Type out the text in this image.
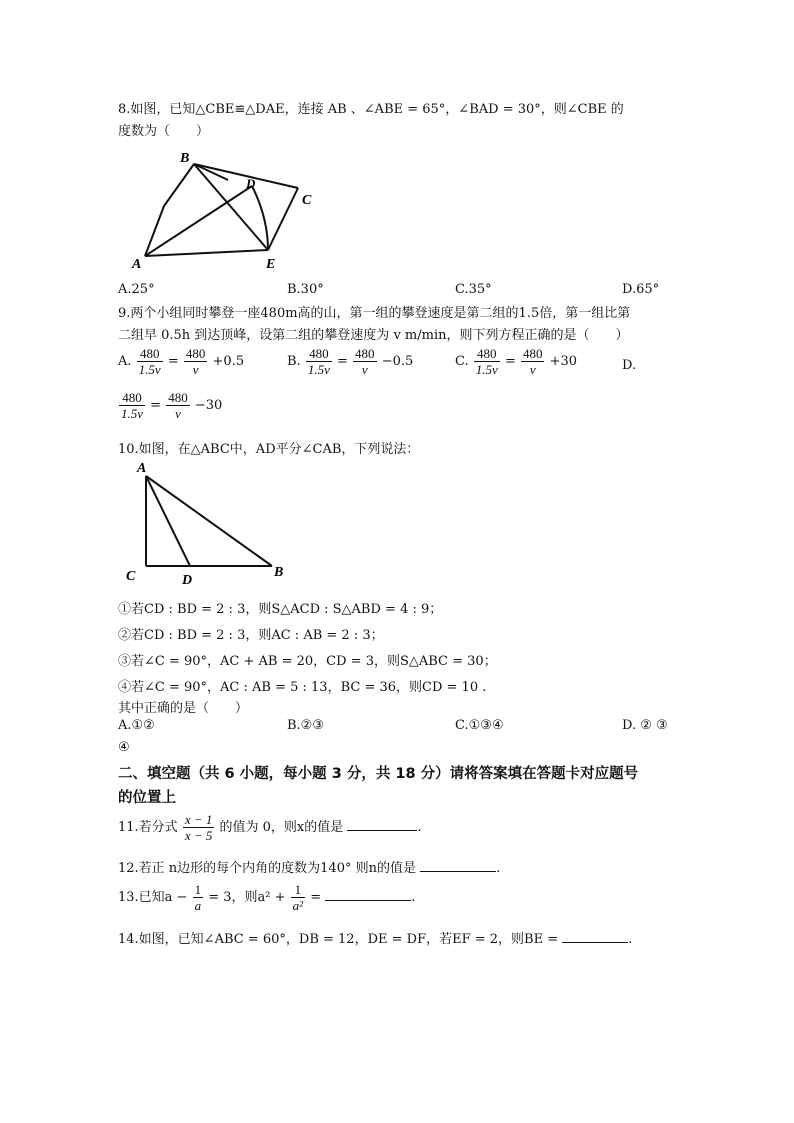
8.如图，已知△CBE≌△DAE，连接 AB 、∠ABE = 65°，∠BAD = 30°，则∠CBE 的
度数为（　　）
B
D
C
A	E
A.25°	B.30°	C.35°	D.65°
9.两个小组同时攀登一座480m高的山，第一组的攀登速度是第二组的1.5倍，第一组比第
二组早 0.5h 到达顶峰，设第二组的攀登速度为 v m/min，则下列方程正确的是（　　）
A. $\frac{480}{1.5v} = \frac{480}{v} +0.5$	B. $\frac{480}{1.5v} = \frac{480}{v} -0.5$	C. $\frac{480}{1.5v} = \frac{480}{v} +30$	D.
$\frac{480}{1.5v} = \frac{480}{v} -30$
10.如图，在△ABC中，AD平分∠CAB，下列说法：
A
C	D
B
①若CD : BD = 2 : 3，则S△ACD : S△ABD = 4 : 9；
②若CD : BD = 2 : 3，则AC : AB = 2 : 3；
③若∠C = 90°，AC + AB = 20，CD = 3，则S△ABC = 30；
④若∠C = 90°，AC : AB = 5 : 13，BC = 36，则CD = 10 .
其中正确的是（　　）
A.①②	B.②③	C.①③④	D. ② ③
④
二、填空题（共 6 小题，每小题 3 分，共 18 分）请将答案填在答题卡对应题号
的位置上
11.若分式 $\frac{x - 1}{x - 5}$ 的值为 0，则x的值是	.
12.若正 n边形的每个内角的度数为140° 则n的值是	.
13.已知$a - \frac{1}{a} = 3$，则$a^2 + \frac{1}{\text{a²}}$ =	.
14.如图，已知∠ABC = 60°，DB = 12，DE = DF，若EF = 2，则BE =	.
